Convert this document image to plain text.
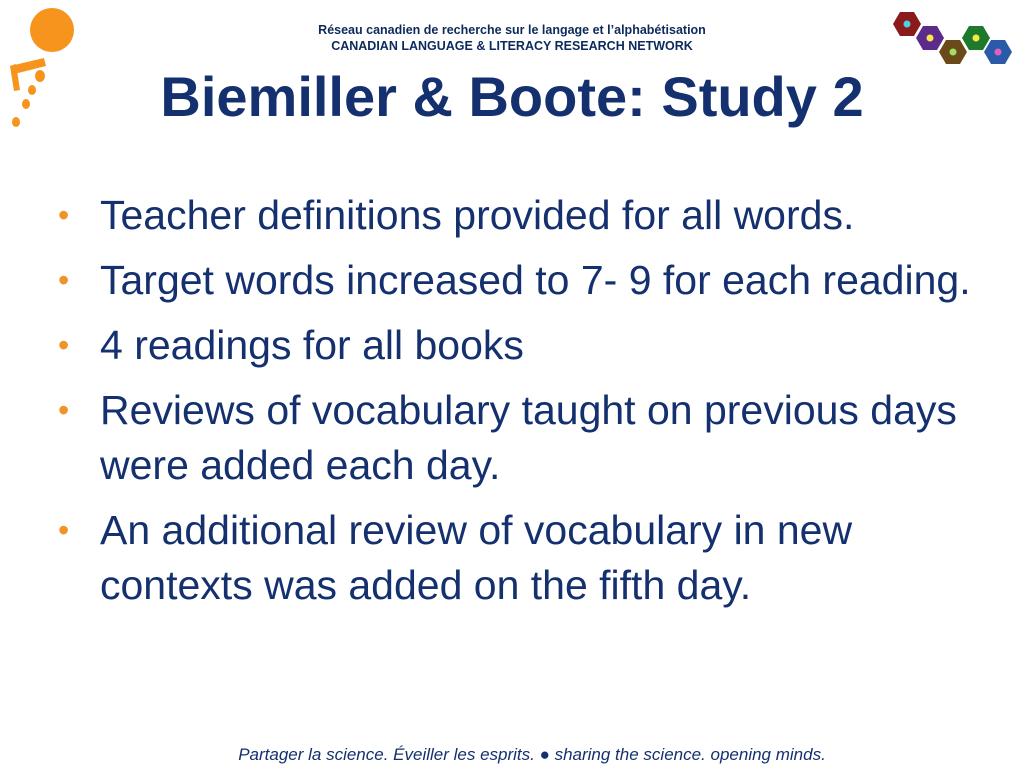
Réseau canadien de recherche sur le langage et l’alphabétisation
CANADIAN LANGUAGE & LITERACY RESEARCH NETWORK
Biemiller & Boote: Study 2
• Teacher definitions provided for all words.
• Target words increased to 7- 9 for each reading.
• 4 readings for all books
• Reviews of vocabulary taught on previous days were added each day.
• An additional review of vocabulary in new contexts was added on the fifth day.
Partager la science. Éveiller les esprits. ● sharing the science. opening minds.
